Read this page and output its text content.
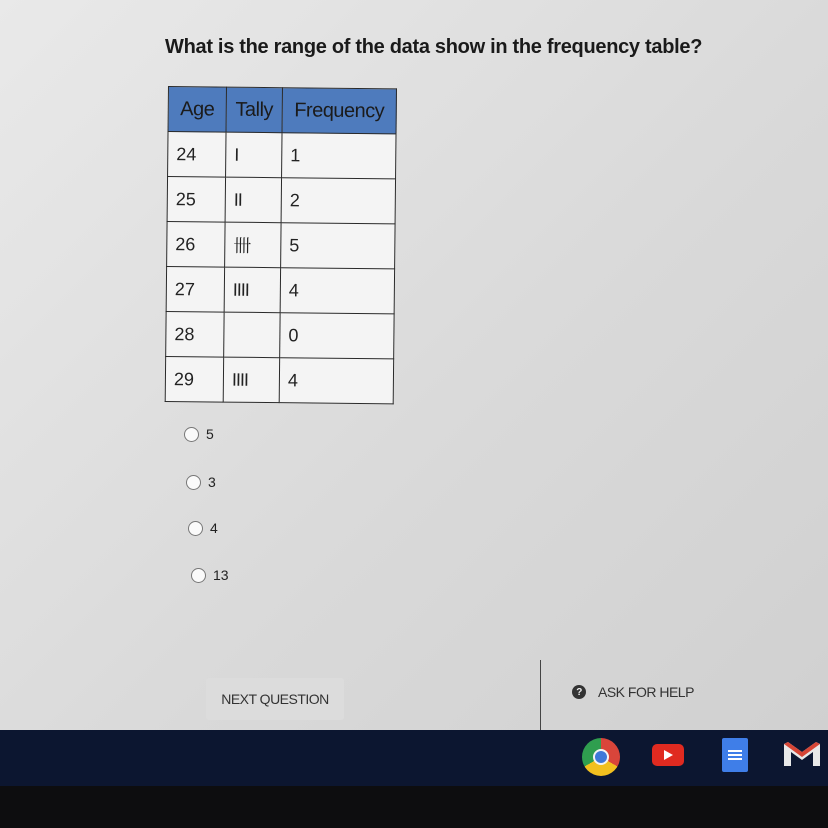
What is the range of the data show in the frequency table?
Age	Tally	Frequency
24	I	1
25	II	2
26	卌	5
27	IIII	4
28		0
29	IIII	4
5
3
4
13
NEXT QUESTION	?	ASK FOR HELP
